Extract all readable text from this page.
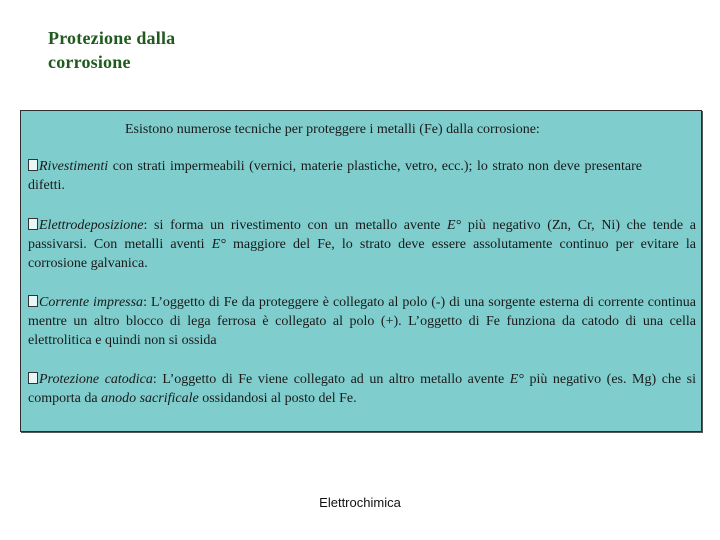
Protezione dalla
corrosione
Esistono numerose tecniche per proteggere i metalli (Fe) dalla corrosione:
Rivestimenti con strati impermeabili (vernici, materie plastiche, vetro, ecc.); lo strato non deve presentaredifetti.
Elettrodeposizione: si forma un rivestimento con un metallo avente E° più negativo (Zn, Cr, Ni) che tende a passivarsi. Con metalli aventi E° maggiore del Fe, lo strato deve essere assolutamente continuo per evitare la corrosione galvanica.
Corrente impressa: L’oggetto di Fe da proteggere è collegato al polo (-) di una sorgente esterna di corrente continua mentre un altro blocco di lega ferrosa è collegato al polo (+). L’oggetto di Fe funziona da catodo di una cella elettrolitica e quindi non si ossida
Protezione catodica: L’oggetto di Fe viene collegato ad un altro metallo avente E° più negativo (es. Mg) che si comporta da anodo sacrificale ossidandosi al posto del Fe.
Elettrochimica
